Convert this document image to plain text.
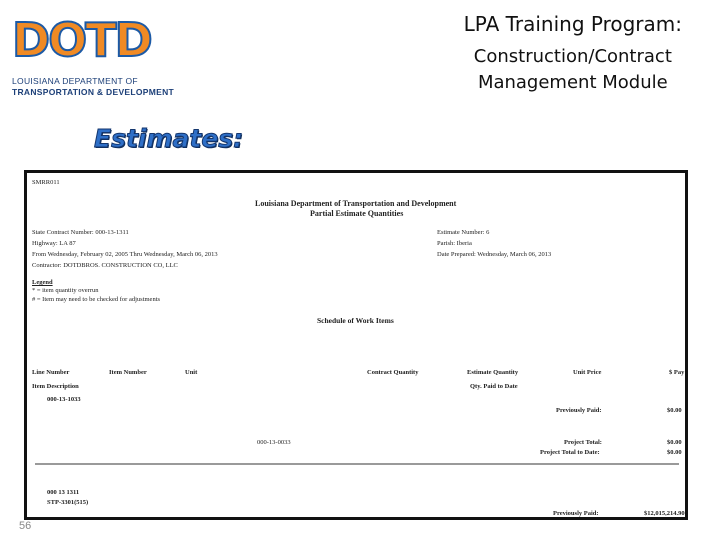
DOTD
LOUISIANA DEPARTMENT OF
TRANSPORTATION & DEVELOPMENT
LPA Training Program:
Construction/Contract
Management Module
Estimates:
SMRR011
Louisiana Department of Transportation and Development
Partial Estimate Quantities
State Contract Number: 000-13-1311
Highway: LA 87
From Wednesday, February 02, 2005 Thru Wednesday, March 06, 2013
Contractor: DOTDBROS. CONSTRUCTION CO, LLC
Estimate Number: 6
Parish: Iberia
Date Prepared: Wednesday, March 06, 2013
Legend
* = item quantity overrun
# = Item may need to be checked for adjustments
Schedule of Work Items
Line Number	Item Number	Unit	Contract Quantity	Estimate Quantity	Unit Price	$ Pay
Item Description	Qty. Paid to Date
000-13-1033
Previously Paid:	$0.00
000-13-0033	Project Total:	$0.00
Project Total to Date:	$0.00
000 13 1311
STP-3301(515)
Previously Paid:	$12,015,214.90
56
